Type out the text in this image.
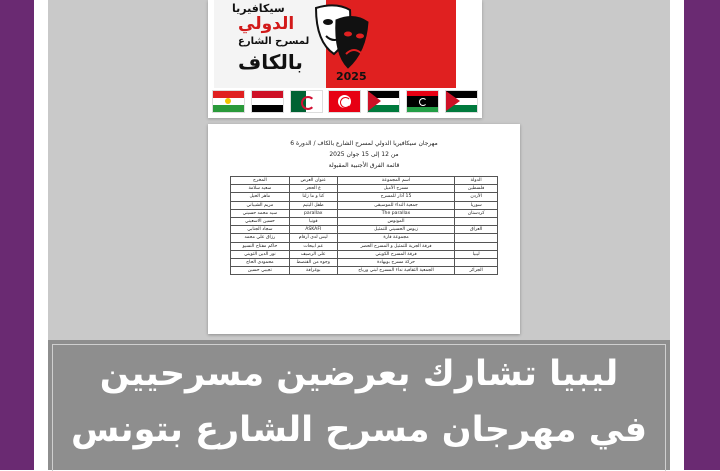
سيكافيريا
الدولي
لمسرح الشارع
بالكاف
2025
مهرجان سيكافيريا الدولي لمسرح الشارع بالكاف / الدورة 6
من 12 إلى 15 جوان 2025
قائمة الفرق الأجنبية المقبولة
المخرج	عنوان العرض	اسم المجموعة	الدولة
سعيد سلامة	ع الحجر	مسرح الأميل	فلسطين
ماهر الحيل	كنا و ما زلنا	15 آذار للمسرح	الأردن
مريم الشيباني	طفل اليتيم	جمعية النداء للموسيقى	سوريا
سيد محمد حسيني	parallax	The parallax	كردستان
حسين الاسعيني	قونيا	المونوس	
سجاد الجنابي	ASKAFI	زيوس الحسيني للتمثيل	العراق
رزاق علي محمد	ليس لدي أرقام	مجموعة قارة	
حاكم مفتاح النسيو	عم ابيحات	فرقة الجرية للتمثيل و المسرح الحضر	
نور الدين الثويني	على الرصيف	فرقة المسرح الكويتي	ليبيا
محمودي الحاج	وجوه من القنصط	حركة مسرح بوبهادة	
تجيبي حسين	بوغرافة	الجمعية الثقافية نداء المسرح لبني ورياح	الجزائر
ليبيا تشارك بعرضين مسرحيين
في مهرجان مسرح الشارع بتونس
